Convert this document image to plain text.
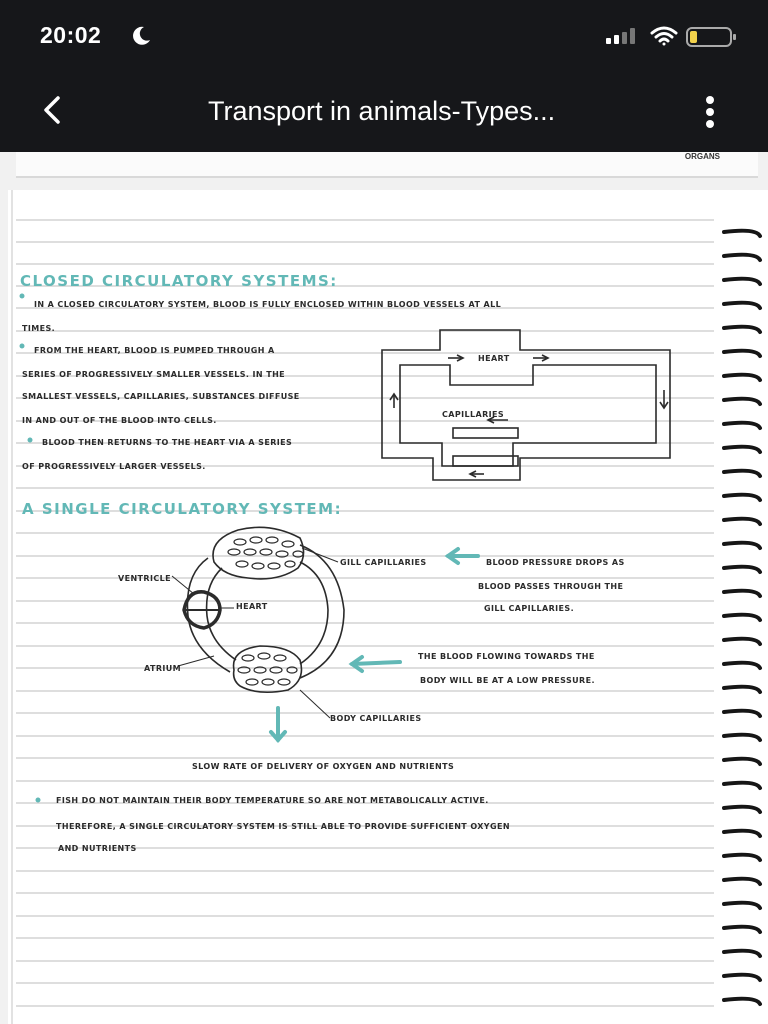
20:02
Transport in animals-Types...
ORGANS
CLOSED CIRCULATORY SYSTEMS:
IN A CLOSED CIRCULATORY SYSTEM, BLOOD IS FULLY ENCLOSED WITHIN BLOOD VESSELS AT ALL
TIMES.
FROM THE HEART, BLOOD IS PUMPED THROUGH A
SERIES OF PROGRESSIVELY SMALLER VESSELS. IN THE
SMALLEST VESSELS, CAPILLARIES, SUBSTANCES DIFFUSE
IN AND OUT OF THE BLOOD INTO CELLS.
BLOOD THEN RETURNS TO THE HEART VIA A SERIES
OF PROGRESSIVELY LARGER VESSELS.
HEART
CAPILLARIES
A SINGLE CIRCULATORY SYSTEM:
GILL CAPILLARIES
VENTRICLE
HEART
ATRIUM
BODY CAPILLARIES
BLOOD PRESSURE DROPS AS
BLOOD PASSES THROUGH THE
GILL CAPILLARIES.
THE BLOOD FLOWING TOWARDS THE
BODY WILL BE AT A LOW PRESSURE.
SLOW RATE OF DELIVERY OF OXYGEN AND NUTRIENTS
FISH DO NOT MAINTAIN THEIR BODY TEMPERATURE SO ARE NOT METABOLICALLY ACTIVE.
THEREFORE, A SINGLE CIRCULATORY SYSTEM IS STILL ABLE TO PROVIDE SUFFICIENT OXYGEN
AND NUTRIENTS
